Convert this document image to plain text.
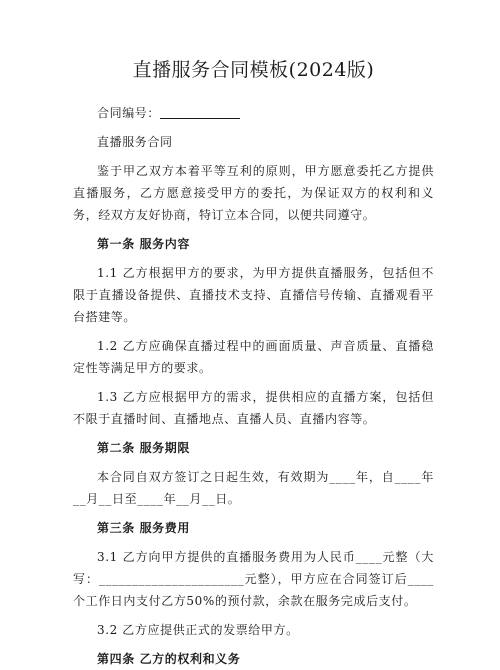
直播服务合同模板(2024版)

合同编号：

直播服务合同

鉴于甲乙双方本着平等互利的原则，甲方愿意委托乙方提供直播服务，乙方愿意接受甲方的委托，为保证双方的权利和义务，经双方友好协商，特订立本合同，以便共同遵守。

第一条 服务内容

1.1 乙方根据甲方的要求，为甲方提供直播服务，包括但不限于直播设备提供、直播技术支持、直播信号传输、直播观看平台搭建等。

1.2 乙方应确保直播过程中的画面质量、声音质量、直播稳定性等满足甲方的要求。

1.3 乙方应根据甲方的需求，提供相应的直播方案，包括但不限于直播时间、直播地点、直播人员、直播内容等。

第二条 服务期限

本合同自双方签订之日起生效，有效期为____年，自____年__月__日至____年__月__日。

第三条 服务费用

3.1 乙方向甲方提供的直播服务费用为人民币____元整（大写：______________________元整），甲方应在合同签订后____个工作日内支付乙方50%的预付款，余款在服务完成后支付。

3.2 乙方应提供正式的发票给甲方。

第四条 乙方的权利和义务
